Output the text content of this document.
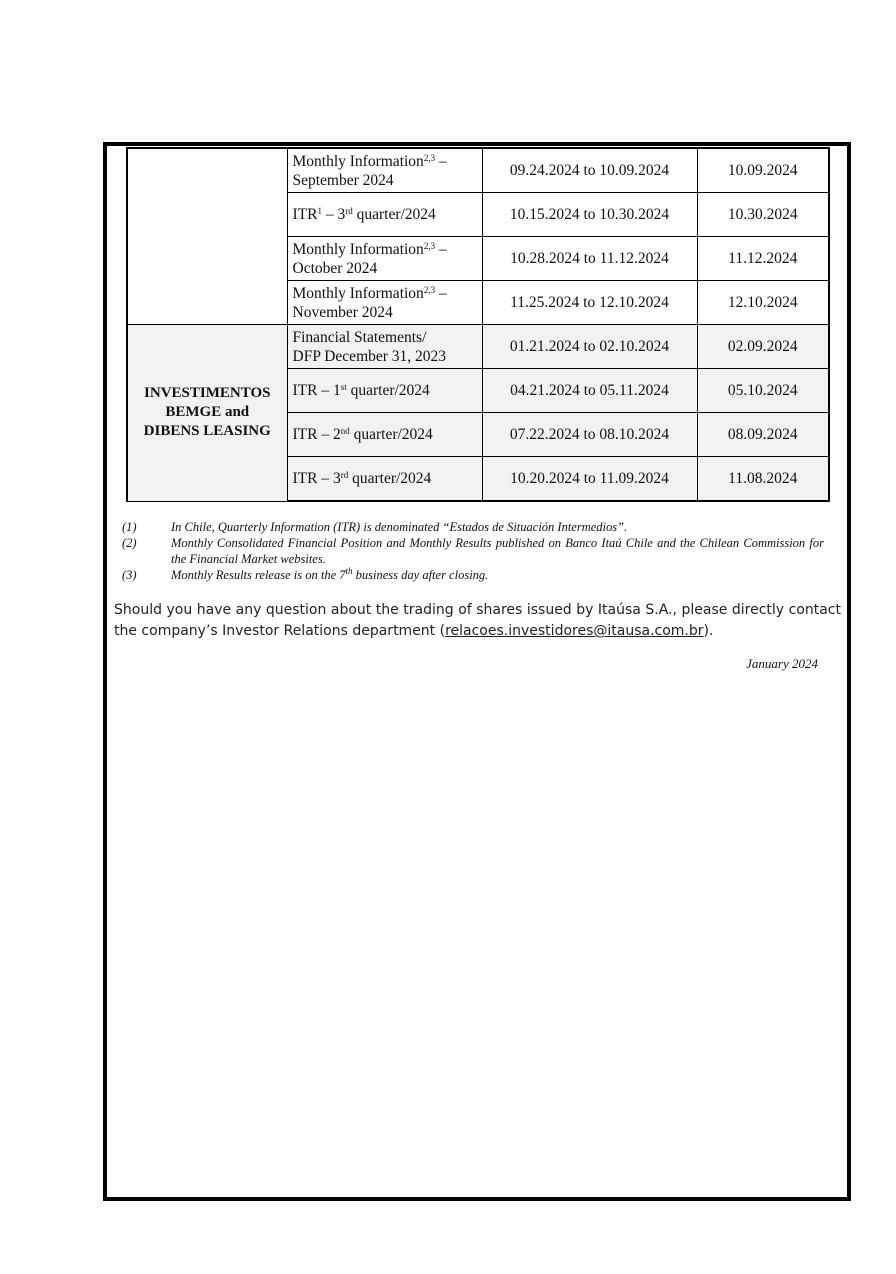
	Monthly Information$^{2,3}$ –
September 2024	09.24.2024 to 10.09.2024	10.09.2024
	ITR$^1$ – 3rd quarter/2024	10.15.2024 to 10.30.2024	10.30.2024
	Monthly Information$^{2,3}$ –
October 2024	10.28.2024 to 11.12.2024	11.12.2024
	Monthly Information$^{2,3}$ –
November 2024	11.25.2024 to 12.10.2024	12.10.2024
INVESTIMENTOS
BEMGE and
DIBENS LEASING	Financial Statements/
DFP December 31, 2023	01.21.2024 to 02.10.2024	02.09.2024
	ITR – 1st quarter/2024	04.21.2024 to 05.11.2024	05.10.2024
	ITR – 2nd quarter/2024	07.22.2024 to 08.10.2024	08.09.2024
	ITR – 3rd quarter/2024	10.20.2024 to 11.09.2024	11.08.2024
(1)	In Chile, Quarterly Information (ITR) is denominated “Estados de Situación Intermedios”.
(2)	Monthly Consolidated Financial Position and Monthly Results published on Banco Itaú Chile and the Chilean Commission for the Financial Market websites.
(3)	Monthly Results release is on the 7th business day after closing.
Should you have any question about the trading of shares issued by Itaúsa S.A., please directly contact the company’s Investor Relations department (relacoes.investidores@itausa.com.br).
January 2024
